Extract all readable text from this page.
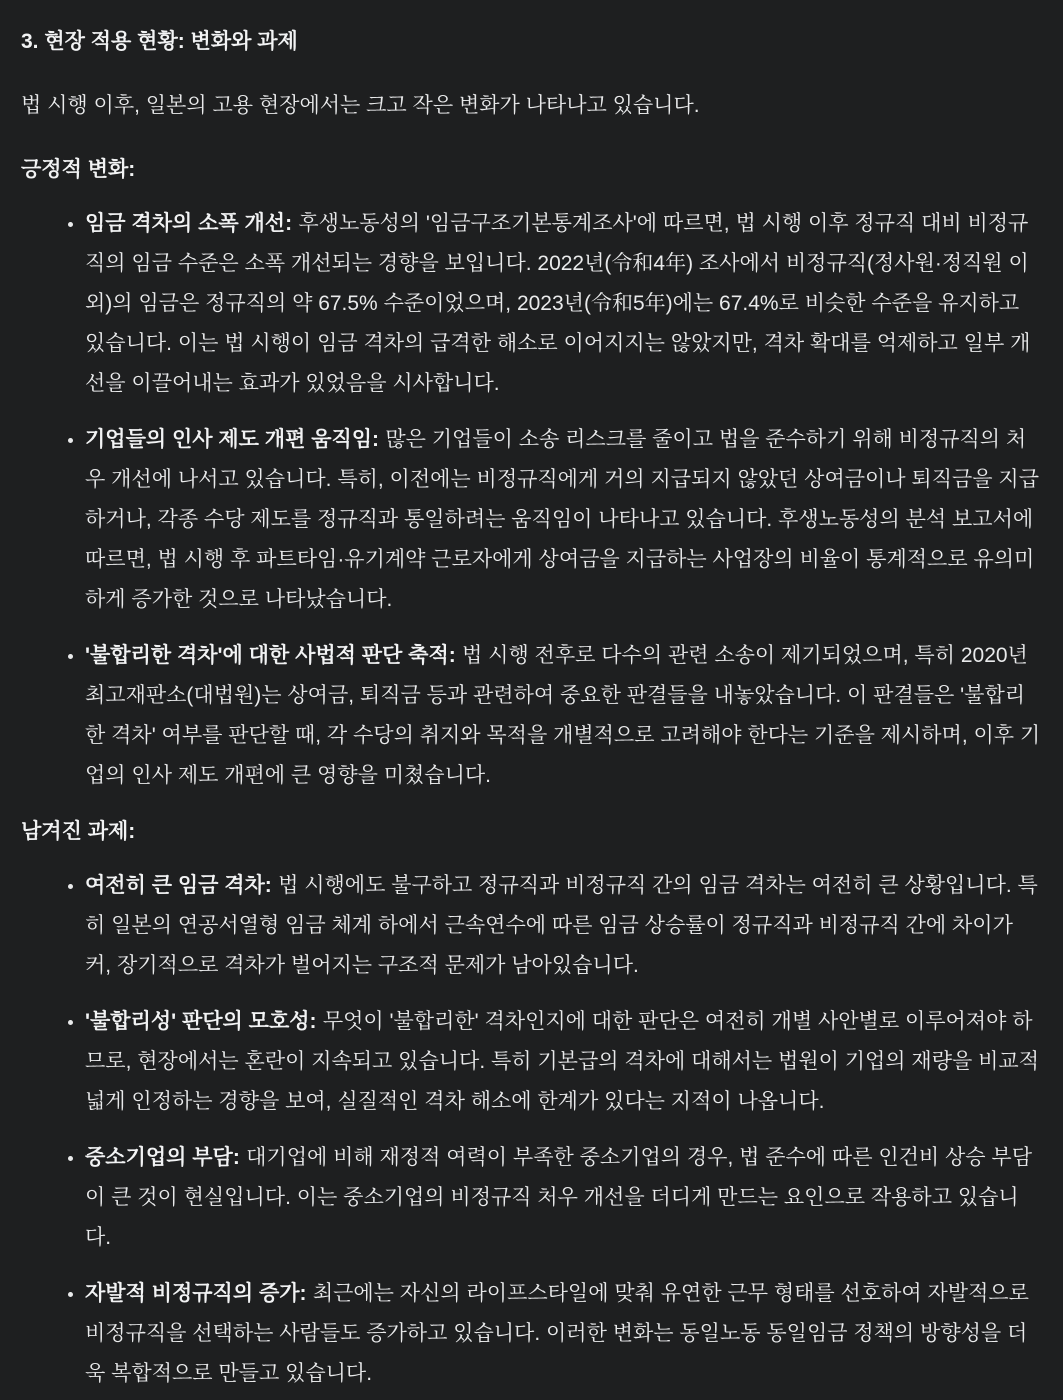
3. 현장 적용 현황: 변화와 과제

법 시행 이후, 일본의 고용 현장에서는 크고 작은 변화가 나타나고 있습니다.

긍정적 변화:

• 임금 격차의 소폭 개선: 후생노동성의 '임금구조기본통계조사'에 따르면, 법 시행 이후 정규직 대비 비정규직의 임금 수준은 소폭 개선되는 경향을 보입니다. 2022년(令和4年) 조사에서 비정규직(정사원·정직원 이외)의 임금은 정규직의 약 67.5% 수준이었으며, 2023년(令和5年)에는 67.4%로 비슷한 수준을 유지하고 있습니다. 이는 법 시행이 임금 격차의 급격한 해소로 이어지지는 않았지만, 격차 확대를 억제하고 일부 개선을 이끌어내는 효과가 있었음을 시사합니다.
• 기업들의 인사 제도 개편 움직임: 많은 기업들이 소송 리스크를 줄이고 법을 준수하기 위해 비정규직의 처우 개선에 나서고 있습니다. 특히, 이전에는 비정규직에게 거의 지급되지 않았던 상여금이나 퇴직금을 지급하거나, 각종 수당 제도를 정규직과 통일하려는 움직임이 나타나고 있습니다. 후생노동성의 분석 보고서에 따르면, 법 시행 후 파트타임·유기계약 근로자에게 상여금을 지급하는 사업장의 비율이 통계적으로 유의미하게 증가한 것으로 나타났습니다.
• '불합리한 격차'에 대한 사법적 판단 축적: 법 시행 전후로 다수의 관련 소송이 제기되었으며, 특히 2020년 최고재판소(대법원)는 상여금, 퇴직금 등과 관련하여 중요한 판결들을 내놓았습니다. 이 판결들은 '불합리한 격차' 여부를 판단할 때, 각 수당의 취지와 목적을 개별적으로 고려해야 한다는 기준을 제시하며, 이후 기업의 인사 제도 개편에 큰 영향을 미쳤습니다.

남겨진 과제:

• 여전히 큰 임금 격차: 법 시행에도 불구하고 정규직과 비정규직 간의 임금 격차는 여전히 큰 상황입니다. 특히 일본의 연공서열형 임금 체계 하에서 근속연수에 따른 임금 상승률이 정규직과 비정규직 간에 차이가 커, 장기적으로 격차가 벌어지는 구조적 문제가 남아있습니다.
• '불합리성' 판단의 모호성: 무엇이 '불합리한' 격차인지에 대한 판단은 여전히 개별 사안별로 이루어져야 하므로, 현장에서는 혼란이 지속되고 있습니다. 특히 기본급의 격차에 대해서는 법원이 기업의 재량을 비교적 넓게 인정하는 경향을 보여, 실질적인 격차 해소에 한계가 있다는 지적이 나옵니다.
• 중소기업의 부담: 대기업에 비해 재정적 여력이 부족한 중소기업의 경우, 법 준수에 따른 인건비 상승 부담이 큰 것이 현실입니다. 이는 중소기업의 비정규직 처우 개선을 더디게 만드는 요인으로 작용하고 있습니다.
• 자발적 비정규직의 증가: 최근에는 자신의 라이프스타일에 맞춰 유연한 근무 형태를 선호하여 자발적으로 비정규직을 선택하는 사람들도 증가하고 있습니다. 이러한 변화는 동일노동 동일임금 정책의 방향성을 더욱 복합적으로 만들고 있습니다.
